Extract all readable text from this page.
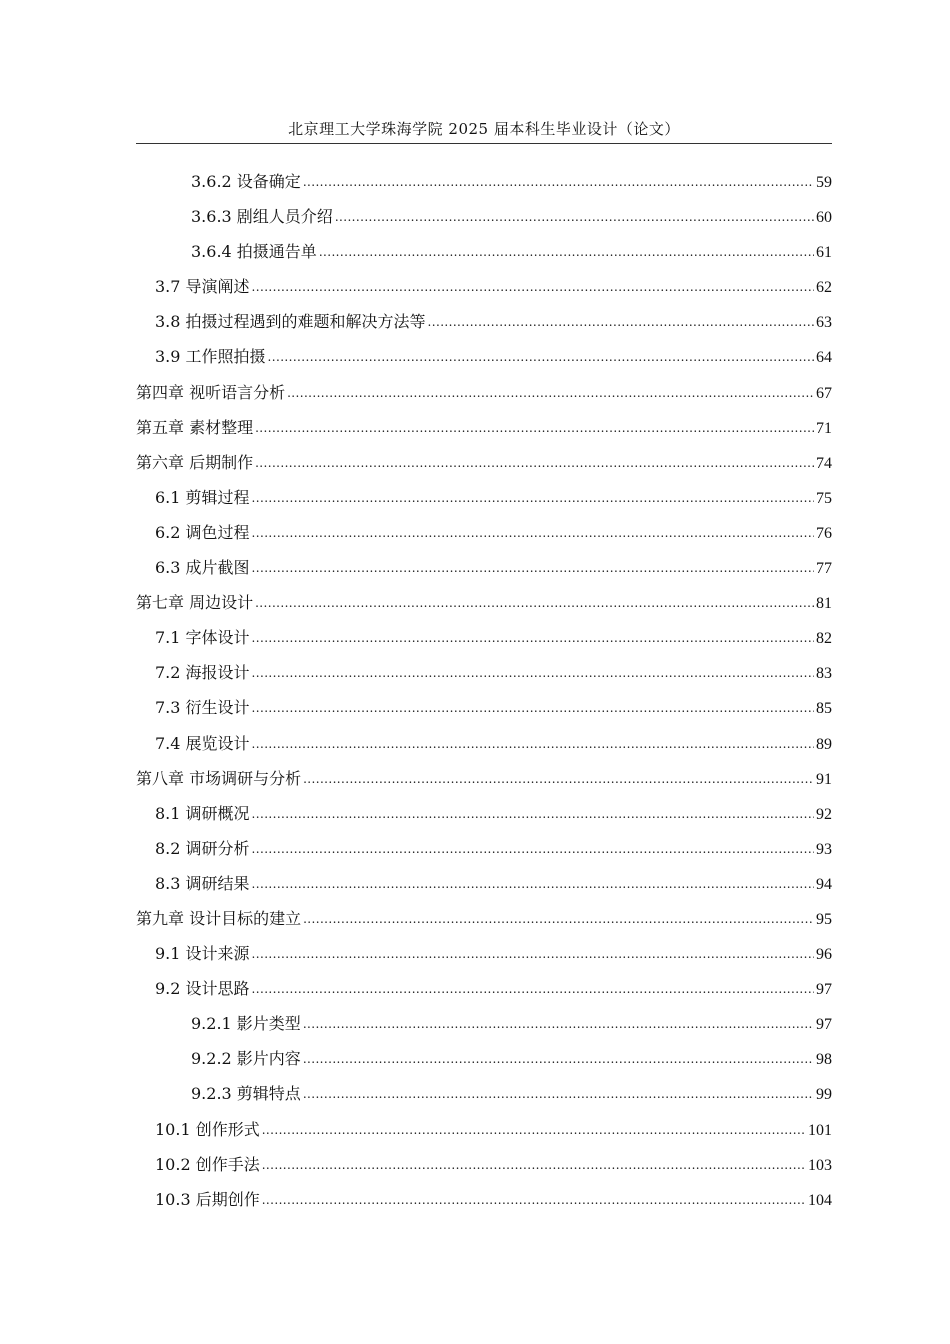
北京理工大学珠海学院 2025 届本科生毕业设计（论文）
3.6.2 设备确定 .....	59
3.6.3 剧组人员介绍 .....	60
3.6.4 拍摄通告单 .....	61
3.7 导演阐述 .....	62
3.8 拍摄过程遇到的难题和解决方法等 .....	63
3.9 工作照拍摄 .....	64
第四章 视听语言分析 .....	67
第五章 素材整理 .....	71
第六章 后期制作 .....	74
6.1 剪辑过程 .....	75
6.2 调色过程 .....	76
6.3 成片截图 .....	77
第七章 周边设计 .....	81
7.1 字体设计 .....	82
7.2 海报设计 .....	83
7.3 衍生设计 .....	85
7.4 展览设计 .....	89
第八章 市场调研与分析 .....	91
8.1 调研概况 .....	92
8.2 调研分析 .....	93
8.3 调研结果 .....	94
第九章 设计目标的建立 .....	95
9.1 设计来源 .....	96
9.2 设计思路 .....	97
9.2.1 影片类型 .....	97
9.2.2 影片内容 .....	98
9.2.3 剪辑特点 .....	99
10.1 创作形式 .....	101
10.2 创作手法 .....	103
10.3 后期创作 .....	104
